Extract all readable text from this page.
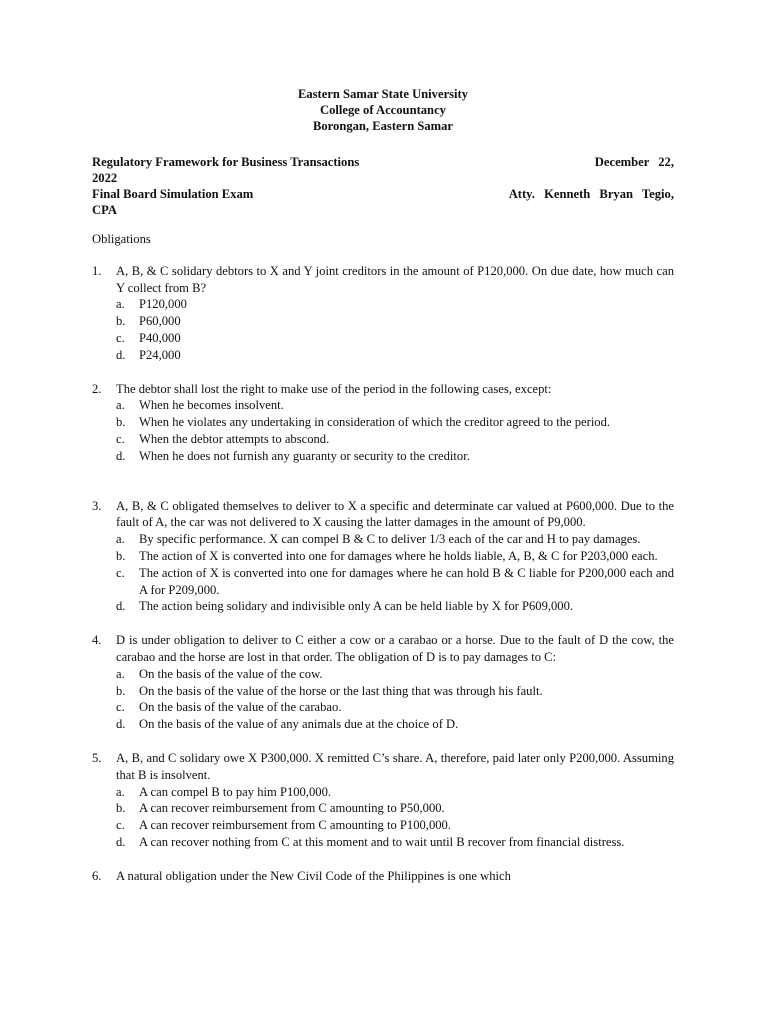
Eastern Samar State University
College of Accountancy
Borongan, Eastern Samar
Regulatory Framework for Business Transactions	December 22,
2022
Final Board Simulation Exam	Atty. Kenneth Bryan Tegio,
CPA
Obligations
1. A, B, & C solidary debtors to X and Y joint creditors in the amount of P120,000. On due date, how much can Y collect from B?
a. P120,000
b. P60,000
c. P40,000
d. P24,000
2. The debtor shall lost the right to make use of the period in the following cases, except:
a. When he becomes insolvent.
b. When he violates any undertaking in consideration of which the creditor agreed to the period.
c. When the debtor attempts to abscond.
d. When he does not furnish any guaranty or security to the creditor.
3. A, B, & C obligated themselves to deliver to X a specific and determinate car valued at P600,000. Due to the fault of A, the car was not delivered to X causing the latter damages in the amount of P9,000.
a. By specific performance. X can compel B & C to deliver 1/3 each of the car and H to pay damages.
b. The action of X is converted into one for damages where he holds liable, A, B, & C for P203,000 each.
c. The action of X is converted into one for damages where he can hold B & C liable for P200,000 each and A for P209,000.
d. The action being solidary and indivisible only A can be held liable by X for P609,000.
4. D is under obligation to deliver to C either a cow or a carabao or a horse. Due to the fault of D the cow, the carabao and the horse are lost in that order. The obligation of D is to pay damages to C:
a. On the basis of the value of the cow.
b. On the basis of the value of the horse or the last thing that was through his fault.
c. On the basis of the value of the carabao.
d. On the basis of the value of any animals due at the choice of D.
5. A, B, and C solidary owe X P300,000. X remitted C’s share. A, therefore, paid later only P200,000. Assuming that B is insolvent.
a. A can compel B to pay him P100,000.
b. A can recover reimbursement from C amounting to P50,000.
c. A can recover reimbursement from C amounting to P100,000.
d. A can recover nothing from C at this moment and to wait until B recover from financial distress.
6. A natural obligation under the New Civil Code of the Philippines is one which
